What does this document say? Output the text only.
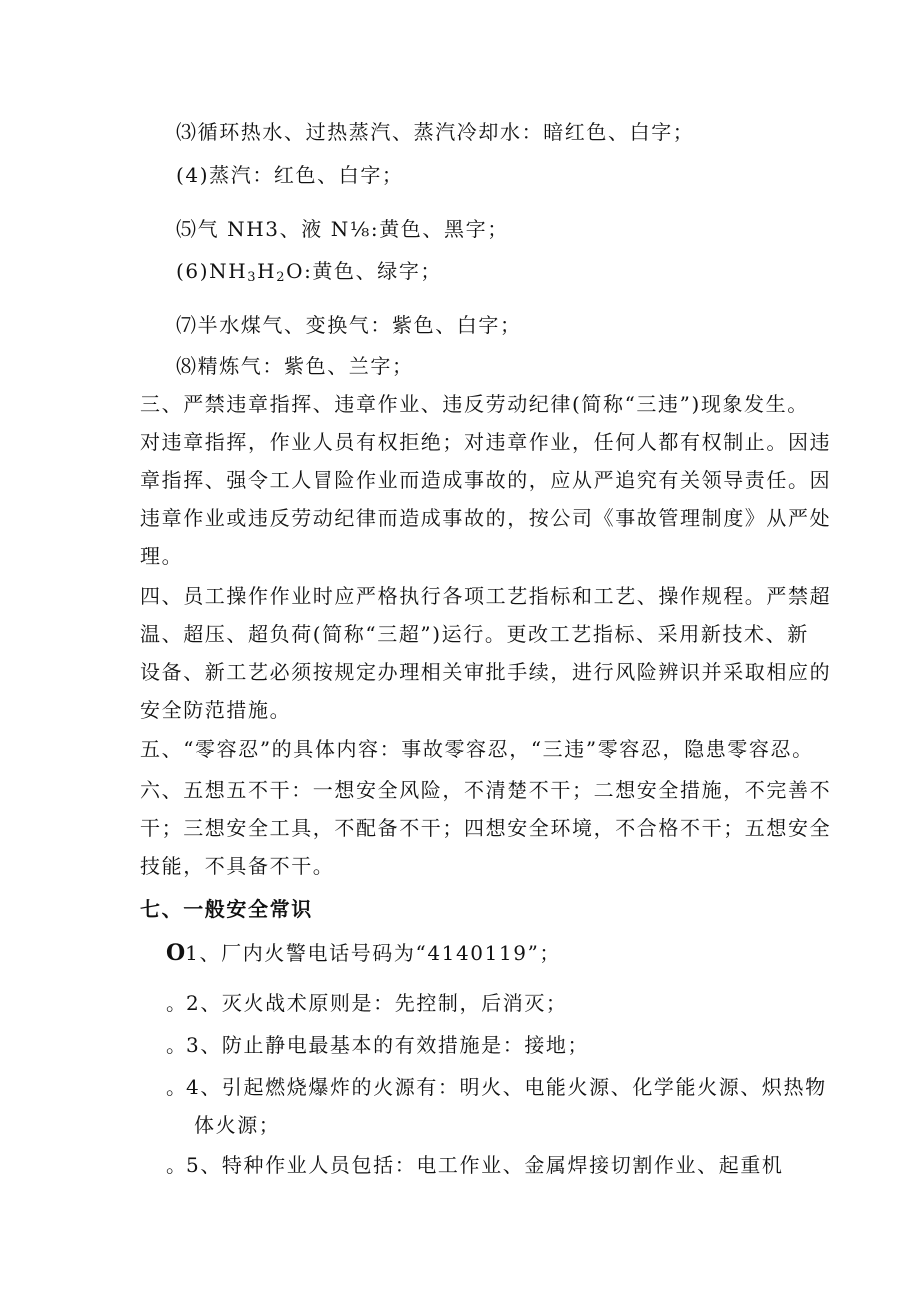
⑶循环热水、过热蒸汽、蒸汽冷却水：暗红色、白字；
(4)蒸汽：红色、白字；
⑸气 NH3、液 N⅛:黄色、黑字；
$(6)NH_3H_2O$:黄色、绿字；
⑺半水煤气、变换气：紫色、白字；
⑻精炼气：紫色、兰字；
三、严禁违章指挥、违章作业、违反劳动纪律(简称“三违”)现象发生。
对违章指挥，作业人员有权拒绝；对违章作业，任何人都有权制止。因违
章指挥、强令工人冒险作业而造成事故的，应从严追究有关领导责任。因
违章作业或违反劳动纪律而造成事故的，按公司《事故管理制度》从严处
理。
四、员工操作作业时应严格执行各项工艺指标和工艺、操作规程。严禁超
温、超压、超负荷(简称“三超”)运行。更改工艺指标、采用新技术、新
设备、新工艺必须按规定办理相关审批手续，进行风险辨识并采取相应的
安全防范措施。
五、“零容忍”的具体内容：事故零容忍，“三违”零容忍，隐患零容忍。
六、五想五不干：一想安全风险，不清楚不干；二想安全措施，不完善不
干；三想安全工具，不配备不干；四想安全环境，不合格不干；五想安全
技能，不具备不干。
七、一般安全常识
O1、厂内火警电话号码为“4140119”；
。2、灭火战术原则是：先控制，后消灭；
。3、防止静电最基本的有效措施是：接地；
。4、引起燃烧爆炸的火源有：明火、电能火源、化学能火源、炽热物
体火源；
。5、特种作业人员包括：电工作业、金属焊接切割作业、起重机
